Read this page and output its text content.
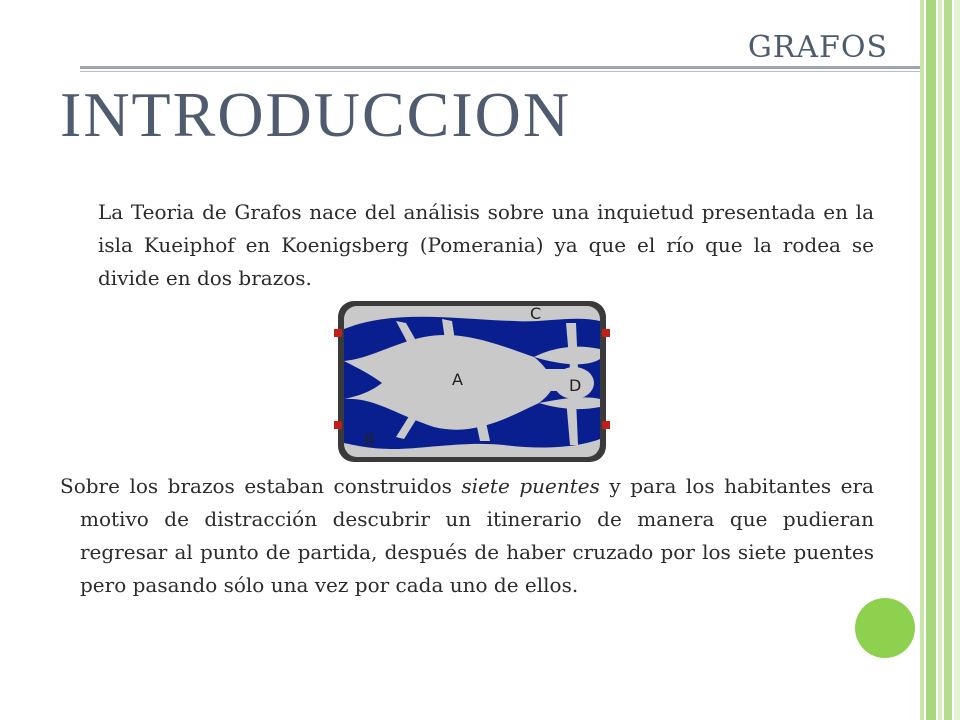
GRAFOS
INTRODUCCION
La Teoria de Grafos nace del análisis sobre una inquietud presentada en la isla Kueiphof en Koenigsberg (Pomerania) ya que el río que la rodea se divide en dos brazos.
C
A	D
B
Sobre los brazos estaban construidos siete puentes y para los habitantes era motivo de distracción descubrir un itinerario de manera que pudieran regresar al punto de partida, después de haber cruzado por los siete puentes pero pasando sólo una vez por cada uno de ellos.
